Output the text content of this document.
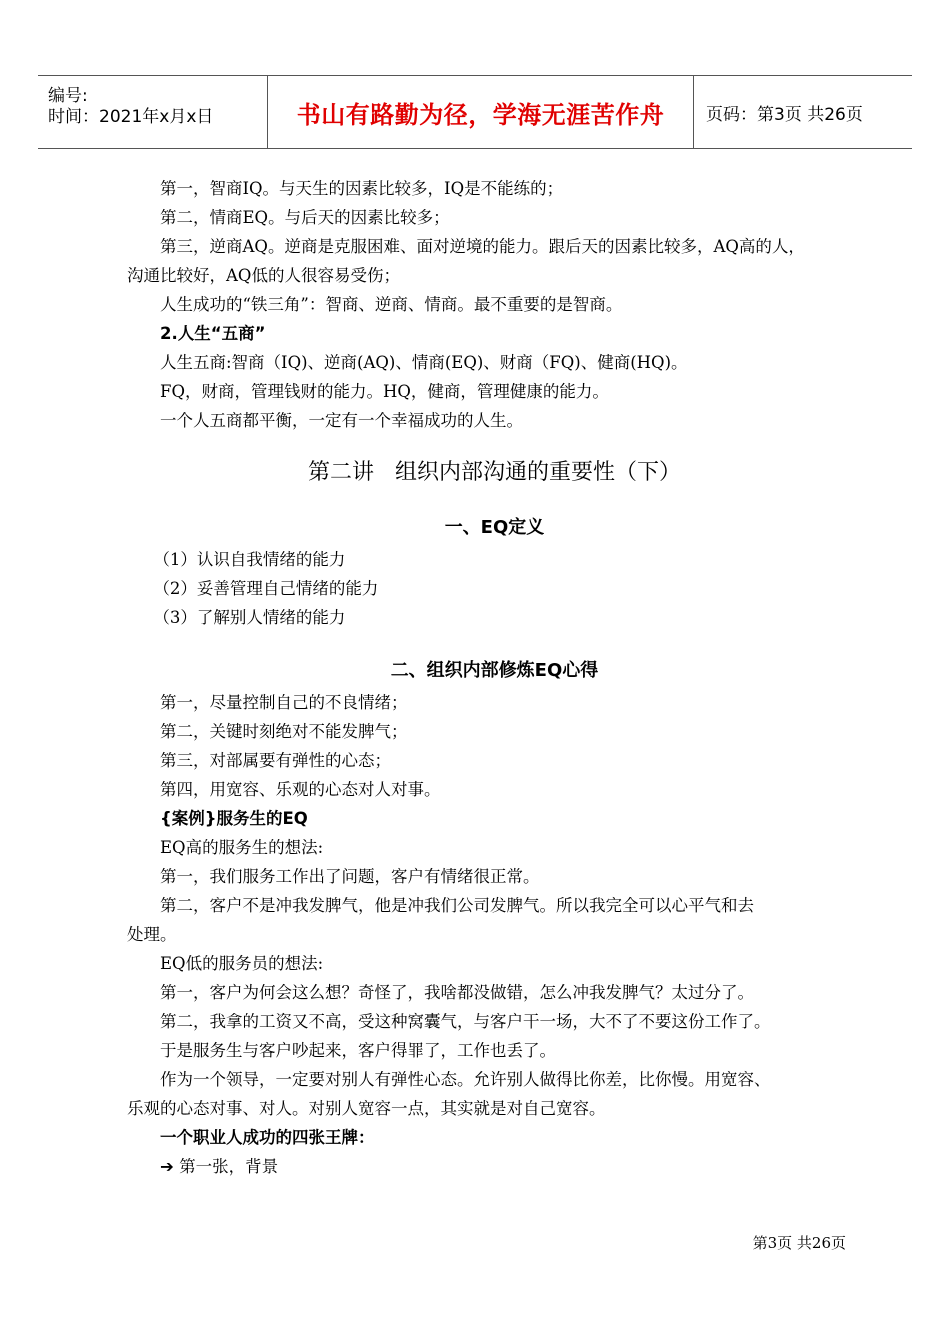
编号:
时间：2021年x月x日	书山有路勤为径，学海无涯苦作舟 页码：第3页 共26页

第一，智商IQ。与天生的因素比较多，IQ是不能练的；

第二，情商EQ。与后天的因素比较多；

第三，逆商AQ。逆商是克服困难、面对逆境的能力。跟后天的因素比较多，AQ高的人，

沟通比较好，AQ低的人很容易受伤；

人生成功的“铁三角”：智商、逆商、情商。最不重要的是智商。

2.人生“五商”

人生五商:智商（IQ)、逆商(AQ)、情商(EQ)、财商（FQ)、健商(HQ)。

FQ，财商，管理钱财的能力。HQ，健商，管理健康的能力。

一个人五商都平衡，一定有一个幸福成功的人生。

第二讲   组织内部沟通的重要性（下）
一、EQ定义

（1）认识自我情绪的能力

（2）妥善管理自己情绪的能力

（3）了解别人情绪的能力

二、组织内部修炼EQ心得

第一，尽量控制自己的不良情绪；

第二，关键时刻绝对不能发脾气；

第三，对部属要有弹性的心态；

第四，用宽容、乐观的心态对人对事。

{案例}服务生的EQ

EQ高的服务生的想法:

第一，我们服务工作出了问题，客户有情绪很正常。

第二，客户不是冲我发脾气，他是冲我们公司发脾气。所以我完全可以心平气和去

处理。

EQ低的服务员的想法:

第一，客户为何会这么想？奇怪了，我啥都没做错，怎么冲我发脾气？太过分了。

第二，我拿的工资又不高，受这种窝囊气，与客户干一场，大不了不要这份工作了。

于是服务生与客户吵起来，客户得罪了，工作也丢了。

作为一个领导，一定要对别人有弹性心态。允许别人做得比你差，比你慢。用宽容、

乐观的心态对事、对人。对别人宽容一点，其实就是对自己宽容。

一个职业人成功的四张王牌：

➔ 第一张，背景

第3页 共26页
